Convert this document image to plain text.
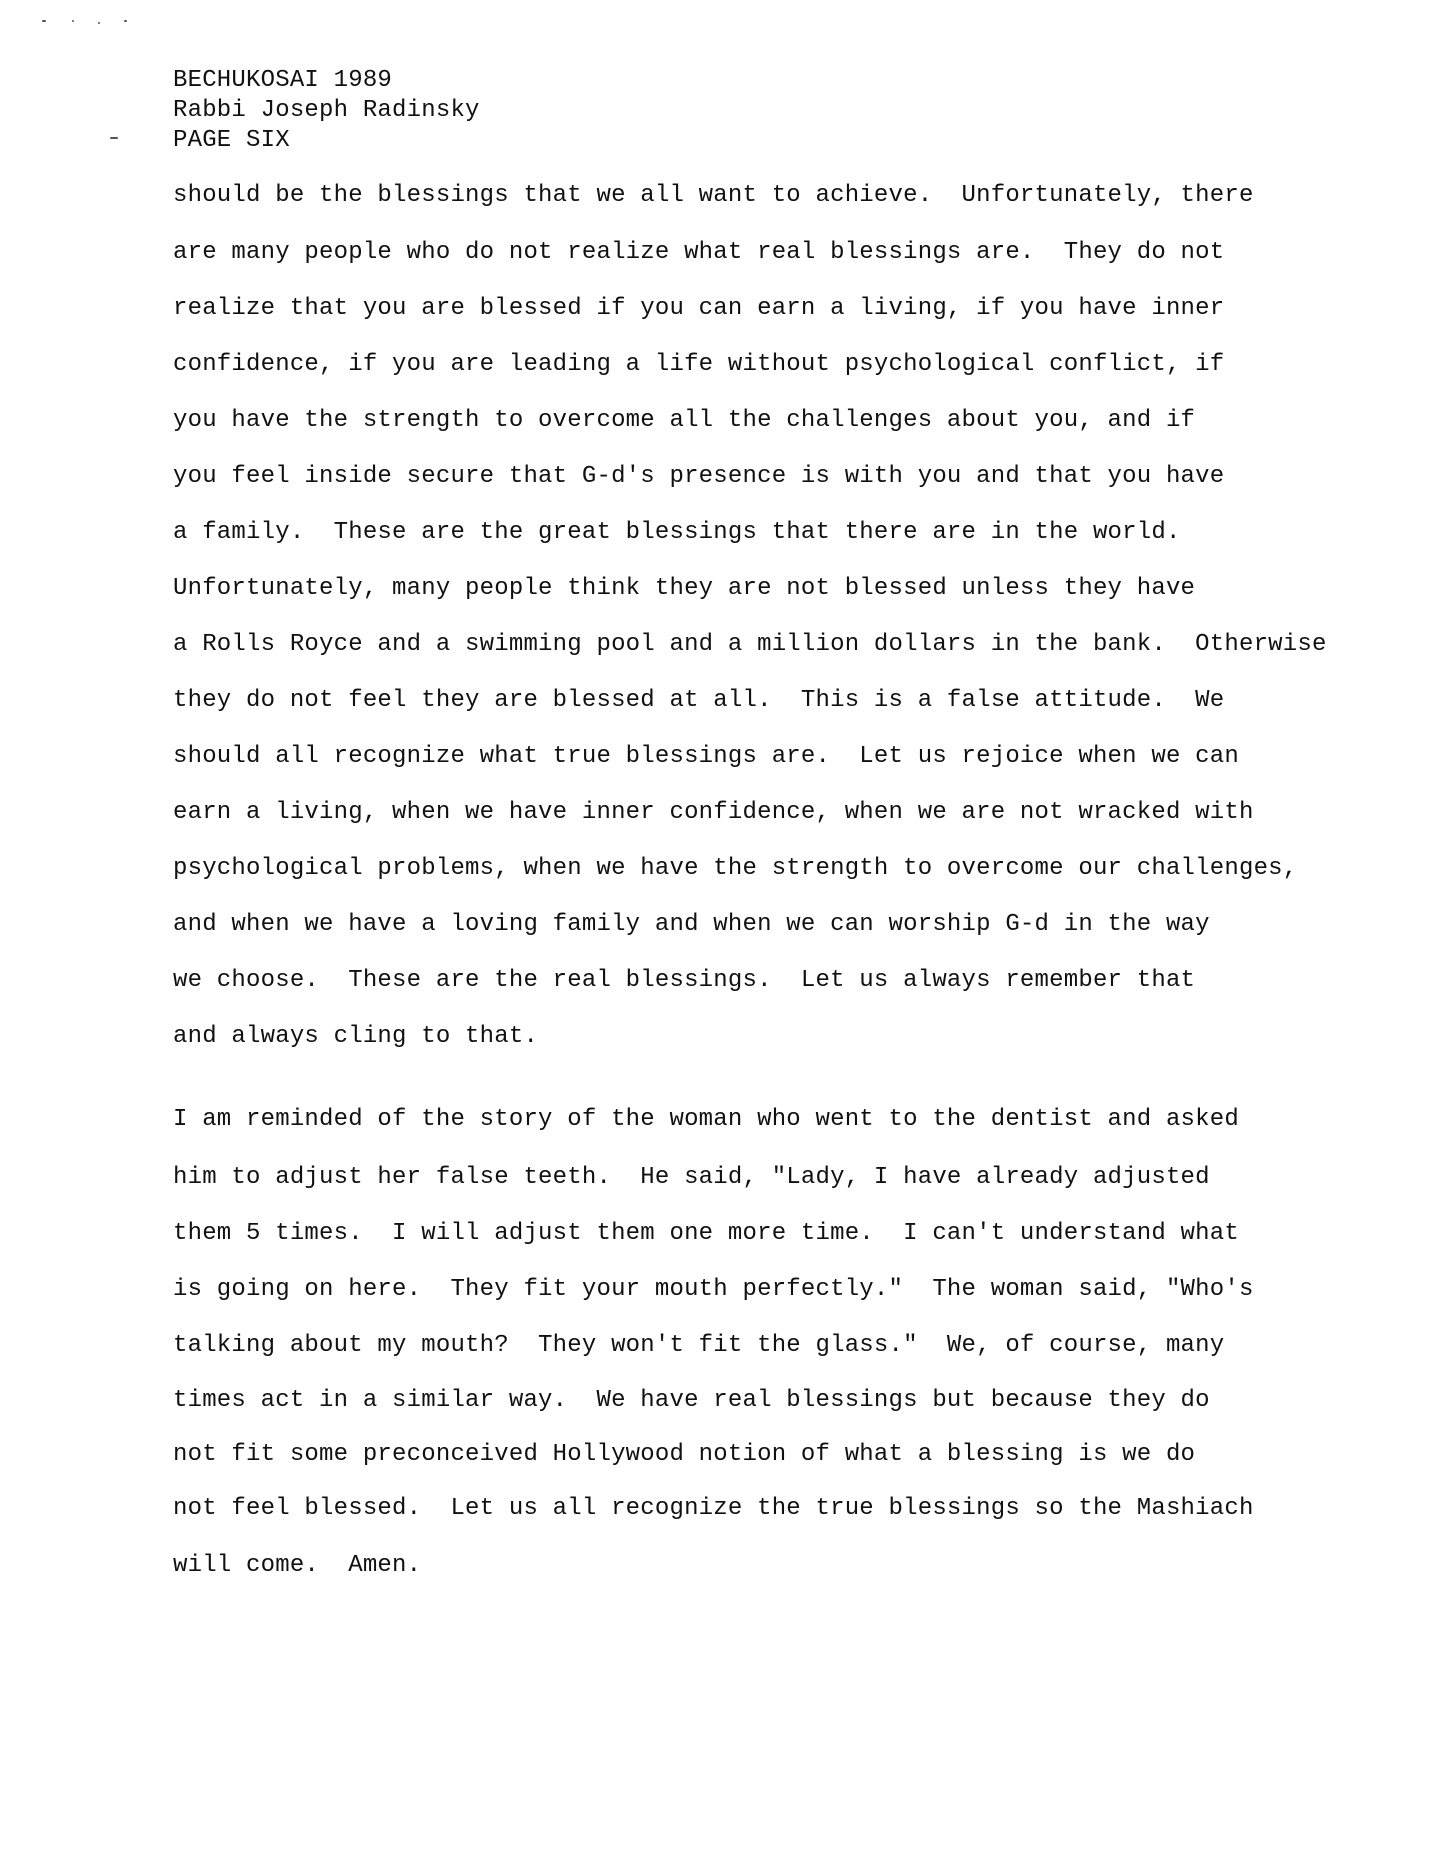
BECHUKOSAI 1989
Rabbi Joseph Radinsky
PAGE SIX
should be the blessings that we all want to achieve.  Unfortunately, there
are many people who do not realize what real blessings are.  They do not
realize that you are blessed if you can earn a living, if you have inner
confidence, if you are leading a life without psychological conflict, if
you have the strength to overcome all the challenges about you, and if
you feel inside secure that G-d's presence is with you and that you have
a family.  These are the great blessings that there are in the world.
Unfortunately, many people think they are not blessed unless they have
a Rolls Royce and a swimming pool and a million dollars in the bank.  Otherwise
they do not feel they are blessed at all.  This is a false attitude.  We
should all recognize what true blessings are.  Let us rejoice when we can
earn a living, when we have inner confidence, when we are not wracked with
psychological problems, when we have the strength to overcome our challenges,
and when we have a loving family and when we can worship G-d in the way
we choose.  These are the real blessings.  Let us always remember that
and always cling to that.
I am reminded of the story of the woman who went to the dentist and asked
him to adjust her false teeth.  He said, "Lady, I have already adjusted
them 5 times.  I will adjust them one more time.  I can't understand what
is going on here.  They fit your mouth perfectly."  The woman said, "Who's
talking about my mouth?  They won't fit the glass."  We, of course, many
times act in a similar way.  We have real blessings but because they do
not fit some preconceived Hollywood notion of what a blessing is we do
not feel blessed.  Let us all recognize the true blessings so the Mashiach
will come.  Amen.
